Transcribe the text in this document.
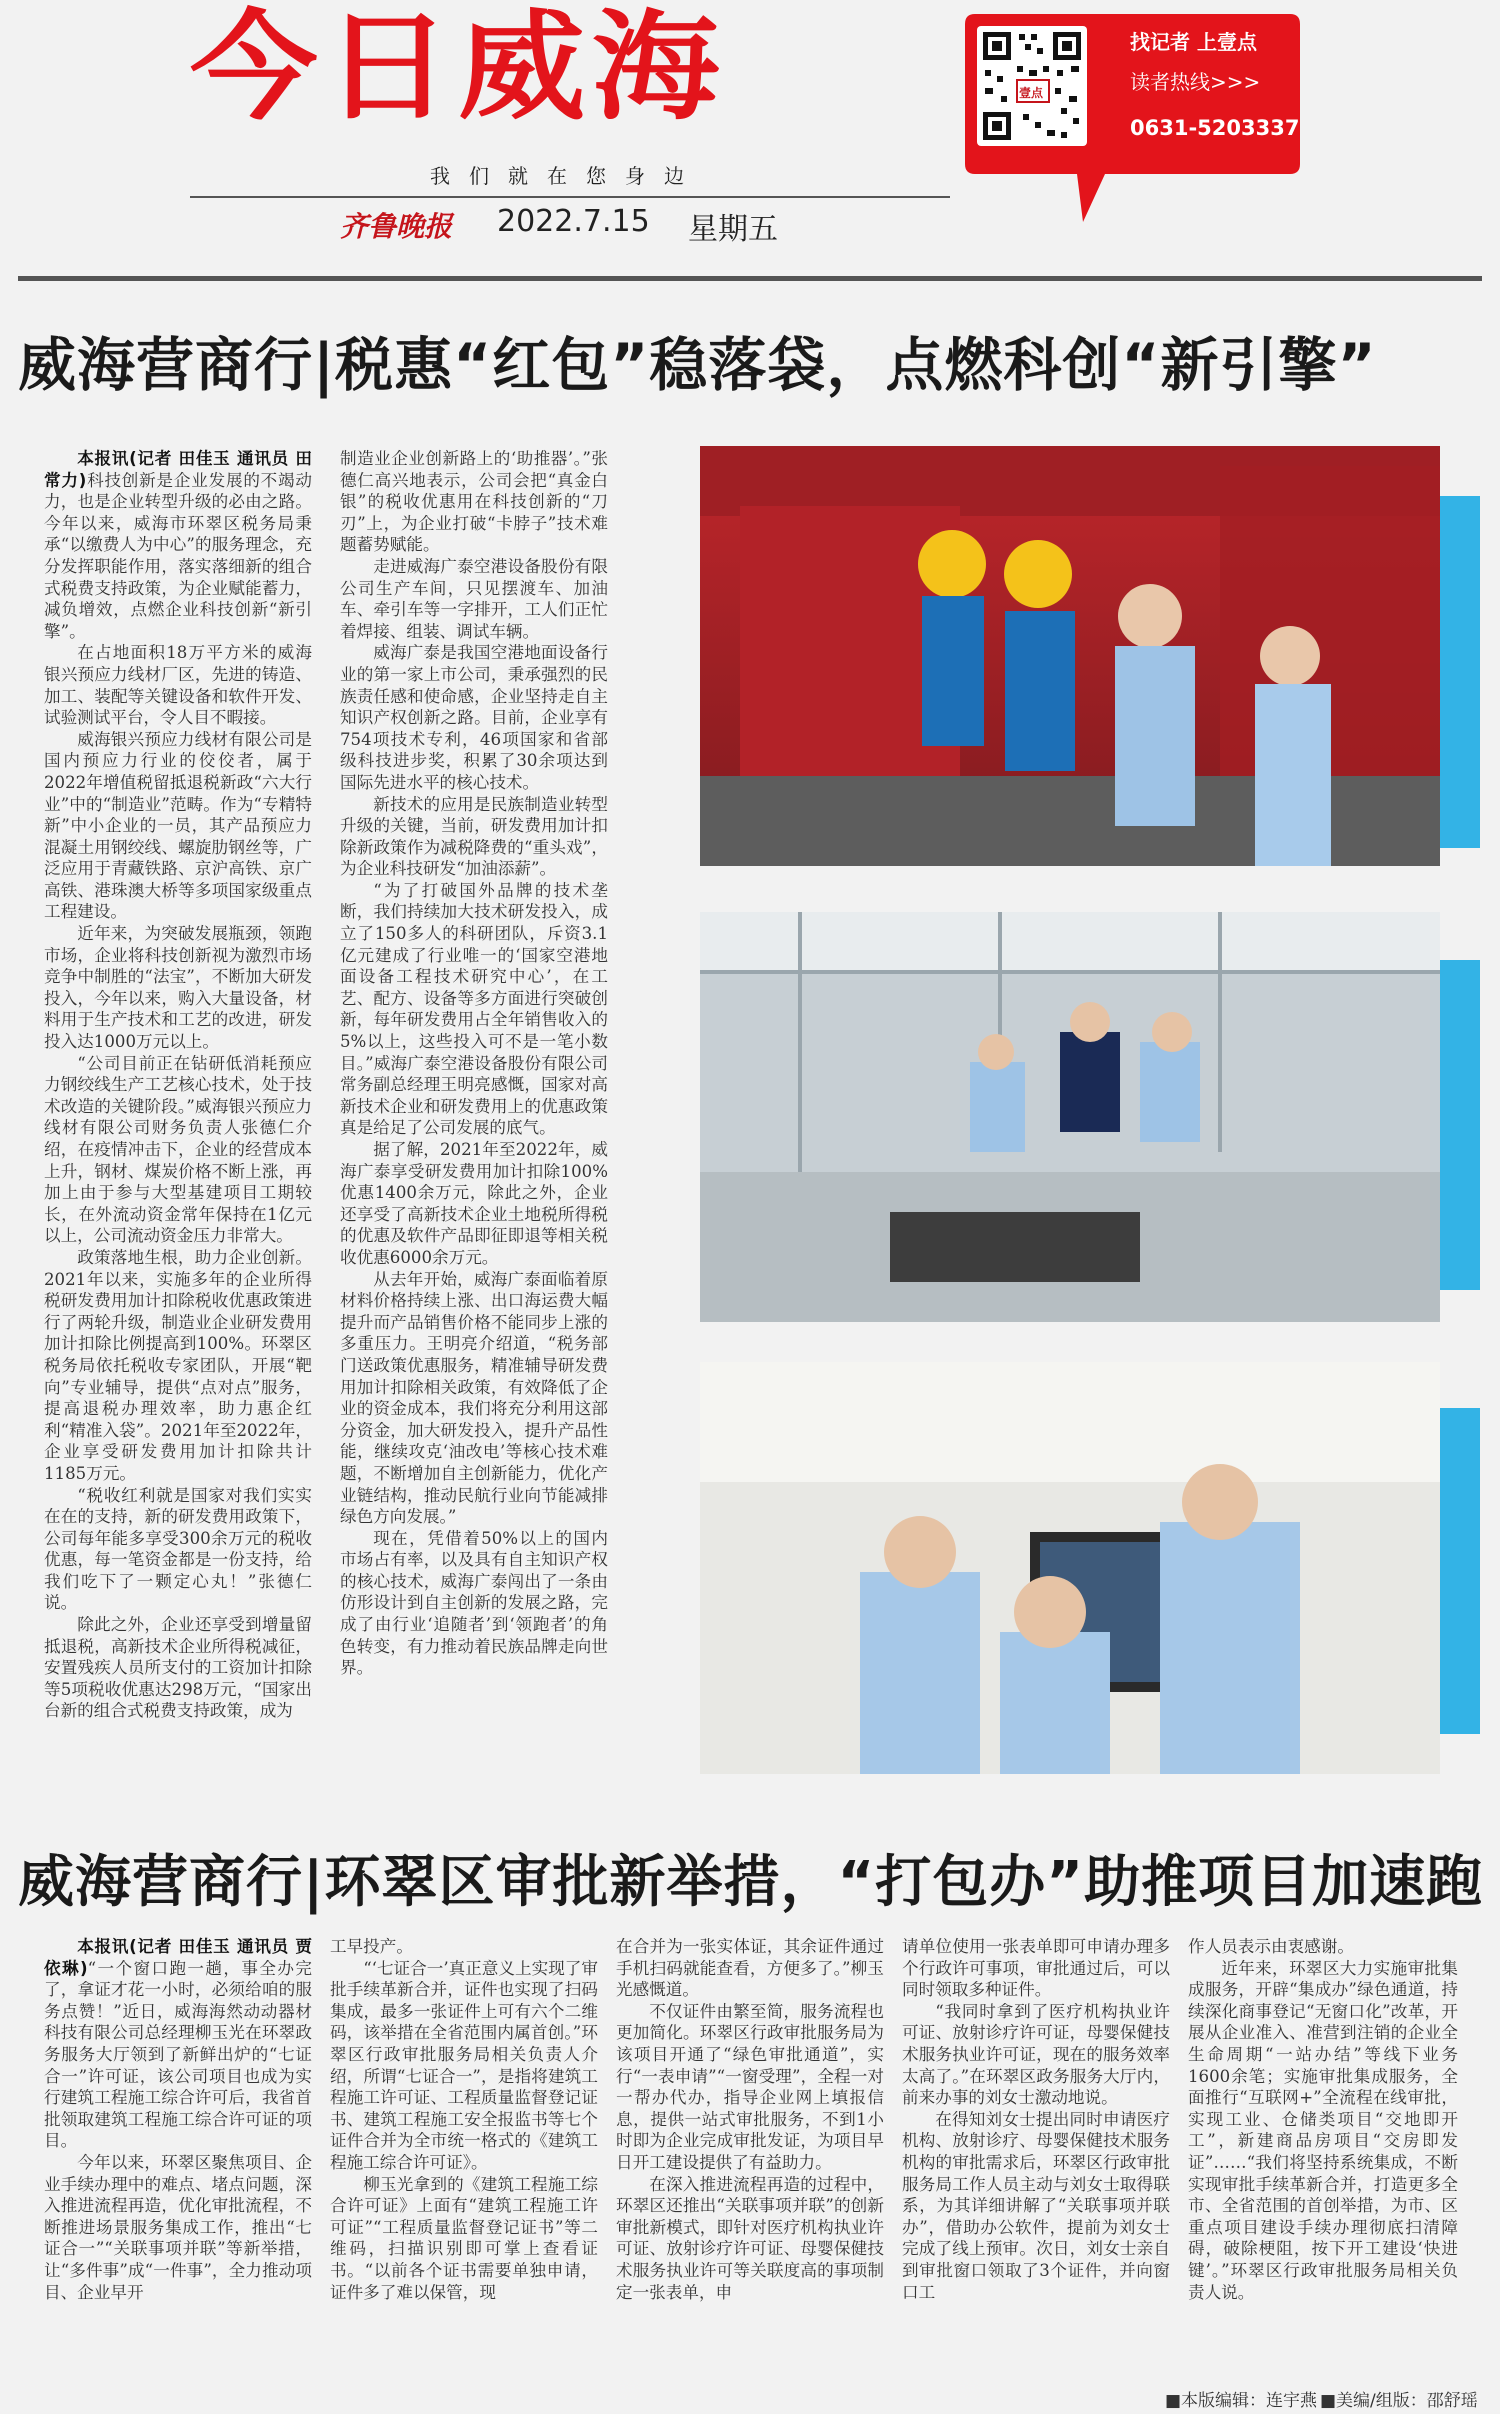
今日威海
我们就在您身边
齐鲁晚报 2022.7.15 星期五
壹点
找记者 上壹点
读者热线>>>
0631-5203337
威海营商行|税惠“红包”稳落袋，点燃科创“新引擎”

本报讯(记者 田佳玉 通讯员 田常力)科技创新是企业发展的不竭动力，也是企业转型升级的必由之路。今年以来，威海市环翠区税务局秉承“以缴费人为中心”的服务理念，充分发挥职能作用，落实落细新的组合式税费支持政策，为企业赋能蓄力，减负增效，点燃企业科技创新“新引擎”。

在占地面积18万平方米的威海银兴预应力线材厂区，先进的铸造、加工、装配等关键设备和软件开发、试验测试平台，令人目不暇接。

威海银兴预应力线材有限公司是国内预应力行业的佼佼者，属于2022年增值税留抵退税新政“六大行业”中的“制造业”范畴。作为“专精特新”中小企业的一员，其产品预应力混凝土用钢绞线、螺旋肋钢丝等，广泛应用于青藏铁路、京沪高铁、京广高铁、港珠澳大桥等多项国家级重点工程建设。

近年来，为突破发展瓶颈，领跑市场，企业将科技创新视为激烈市场竞争中制胜的“法宝”，不断加大研发投入，今年以来，购入大量设备，材料用于生产技术和工艺的改进，研发投入达1000万元以上。

“公司目前正在钻研低消耗预应力钢绞线生产工艺核心技术，处于技术改造的关键阶段。”威海银兴预应力线材有限公司财务负责人张德仁介绍，在疫情冲击下，企业的经营成本上升，钢材、煤炭价格不断上涨，再加上由于参与大型基建项目工期较长，在外流动资金常年保持在1亿元以上，公司流动资金压力非常大。

政策落地生根，助力企业创新。2021年以来，实施多年的企业所得税研发费用加计扣除税收优惠政策进行了两轮升级，制造业企业研发费用加计扣除比例提高到100%。环翠区税务局依托税收专家团队，开展“靶向”专业辅导，提供“点对点”服务，提高退税办理效率，助力惠企红利“精准入袋”。2021年至2022年，企业享受研发费用加计扣除共计1185万元。

“税收红利就是国家对我们实实在在的支持，新的研发费用政策下，公司每年能多享受300余万元的税收优惠，每一笔资金都是一份支持，给我们吃下了一颗定心丸！”张德仁说。

除此之外，企业还享受到增量留抵退税，高新技术企业所得税减征，安置残疾人员所支付的工资加计扣除等5项税收优惠达298万元，“国家出台新的组合式税费支持政策，成为

制造业企业创新路上的‘助推器’。”张德仁高兴地表示，公司会把“真金白银”的税收优惠用在科技创新的“刀刃”上，为企业打破“卡脖子”技术难题蓄势赋能。

走进威海广泰空港设备股份有限公司生产车间，只见摆渡车、加油车、牵引车等一字排开，工人们正忙着焊接、组装、调试车辆。

威海广泰是我国空港地面设备行业的第一家上市公司，秉承强烈的民族责任感和使命感，企业坚持走自主知识产权创新之路。目前，企业享有754项技术专利，46项国家和省部级科技进步奖，积累了30余项达到国际先进水平的核心技术。

新技术的应用是民族制造业转型升级的关键，当前，研发费用加计扣除新政策作为减税降费的“重头戏”，为企业科技研发“加油添薪”。

“为了打破国外品牌的技术垄断，我们持续加大技术研发投入，成立了150多人的科研团队，斥资3.1亿元建成了行业唯一的‘国家空港地面设备工程技术研究中心’，在工艺、配方、设备等多方面进行突破创新，每年研发费用占全年销售收入的5%以上，这些投入可不是一笔小数目。”威海广泰空港设备股份有限公司常务副总经理王明亮感慨，国家对高新技术企业和研发费用上的优惠政策真是给足了公司发展的底气。

据了解，2021年至2022年，威海广泰享受研发费用加计扣除100%优惠1400余万元，除此之外，企业还享受了高新技术企业土地税所得税的优惠及软件产品即征即退等相关税收优惠6000余万元。

从去年开始，威海广泰面临着原材料价格持续上涨、出口海运费大幅提升而产品销售价格不能同步上涨的多重压力。王明亮介绍道，“税务部门送政策优惠服务，精准辅导研发费用加计扣除相关政策，有效降低了企业的资金成本，我们将充分利用这部分资金，加大研发投入，提升产品性能，继续攻克‘油改电’等核心技术难题，不断增加自主创新能力，优化产业链结构，推动民航行业向节能减排绿色方向发展。”

现在，凭借着50%以上的国内市场占有率，以及具有自主知识产权的核心技术，威海广泰闯出了一条由仿形设计到自主创新的发展之路，完成了由行业‘追随者’到‘领跑者’的角色转变，有力推动着民族品牌走向世界。

威海营商行|环翠区审批新举措，“打包办”助推项目加速跑

本报讯(记者 田佳玉 通讯员 贾依琳)“一个窗口跑一趟，事全办完了，拿证才花一小时，必须给咱的服务点赞！”近日，威海海然动动器材科技有限公司总经理柳玉光在环翠政务服务大厅领到了新鲜出炉的“七证合一”许可证，该公司项目也成为实行建筑工程施工综合许可后，我省首批领取建筑工程施工综合许可证的项目。

今年以来，环翠区聚焦项目、企业手续办理中的难点、堵点问题，深入推进流程再造，优化审批流程，不断推进场景服务集成工作，推出“七证合一”“关联事项并联”等新举措，让“多件事”成“一件事”，全力推动项目、企业早开

工早投产。

“‘七证合一’真正意义上实现了审批手续革新合并，证件也实现了扫码集成，最多一张证件上可有六个二维码，该举措在全省范围内属首创。”环翠区行政审批服务局相关负责人介绍，所谓“七证合一”，是指将建筑工程施工许可证、工程质量监督登记证书、建筑工程施工安全报监书等七个证件合并为全市统一格式的《建筑工程施工综合许可证》。

柳玉光拿到的《建筑工程施工综合许可证》上面有“建筑工程施工许可证”“工程质量监督登记证书”等二维码，扫描识别即可掌上查看证书。“以前各个证书需要单独申请，证件多了难以保管，现

在合并为一张实体证，其余证件通过手机扫码就能查看，方便多了。”柳玉光感慨道。

不仅证件由繁至简，服务流程也更加简化。环翠区行政审批服务局为该项目开通了“绿色审批通道”，实行“一表申请”“一窗受理”，全程一对一帮办代办，指导企业网上填报信息，提供一站式审批服务，不到1小时即为企业完成审批发证，为项目早日开工建设提供了有益助力。

在深入推进流程再造的过程中，环翠区还推出“关联事项并联”的创新审批新模式，即针对医疗机构执业许可证、放射诊疗许可证、母婴保健技术服务执业许可等关联度高的事项制定一张表单，申

请单位使用一张表单即可申请办理多个行政许可事项，审批通过后，可以同时领取多种证件。

“我同时拿到了医疗机构执业许可证、放射诊疗许可证，母婴保健技术服务执业许可证，现在的服务效率太高了。”在环翠区政务服务大厅内，前来办事的刘女士激动地说。

在得知刘女士提出同时申请医疗机构、放射诊疗、母婴保健技术服务机构的审批需求后，环翠区行政审批服务局工作人员主动与刘女士取得联系，为其详细讲解了“关联事项并联办”，借助办公软件，提前为刘女士完成了线上预审。次日，刘女士亲自到审批窗口领取了3个证件，并向窗口工

作人员表示由衷感谢。

近年来，环翠区大力实施审批集成服务，开辟“集成办”绿色通道，持续深化商事登记“无窗口化”改革，开展从企业准入、准营到注销的企业全生命周期“一站办结”等线下业务1600余笔；实施审批集成服务，全面推行“互联网+”全流程在线审批，实现工业、仓储类项目“交地即开工”，新建商品房项目“交房即发证”……“我们将坚持系统集成，不断实现审批手续革新合并，打造更多全市、全省范围的首创举措，为市、区重点项目建设手续办理彻底扫清障碍，破除梗阻，按下开工建设‘快进键’。”环翠区行政审批服务局相关负责人说。

■本版编辑：连宇燕 ■美编/组版：邵舒瑶
